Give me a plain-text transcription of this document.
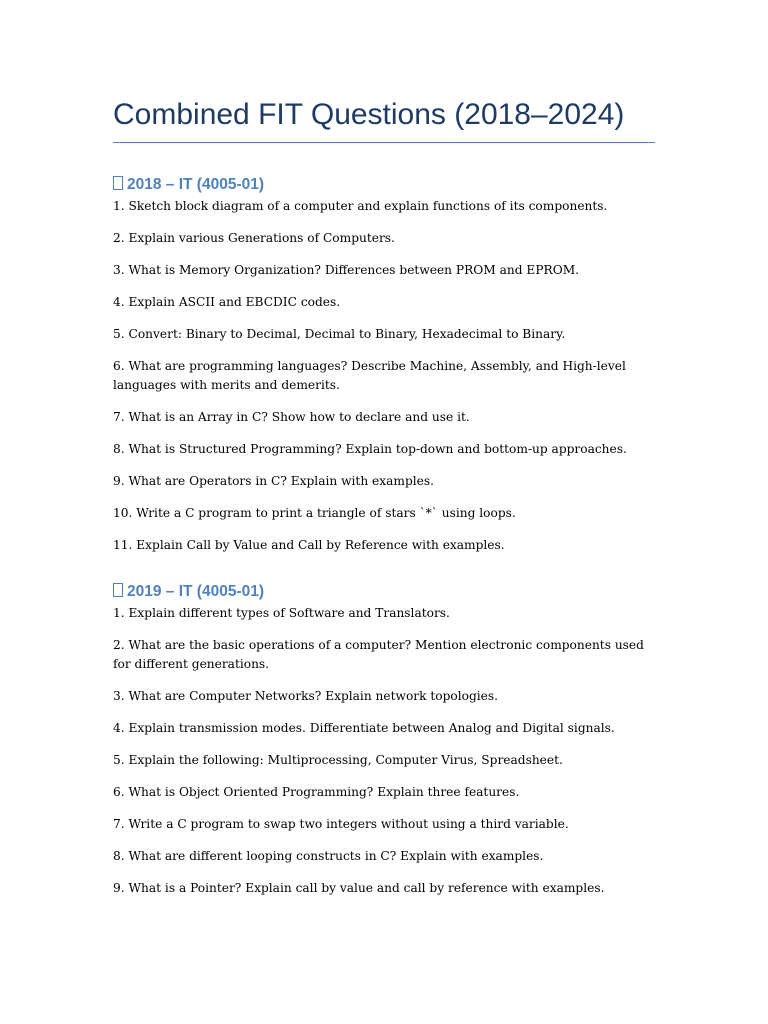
Combined FIT Questions (2018–2024)
2018 – IT (4005-01)
1. Sketch block diagram of a computer and explain functions of its components.
2. Explain various Generations of Computers.
3. What is Memory Organization? Differences between PROM and EPROM.
4. Explain ASCII and EBCDIC codes.
5. Convert: Binary to Decimal, Decimal to Binary, Hexadecimal to Binary.
6. What are programming languages? Describe Machine, Assembly, and High-level languages with merits and demerits.
7. What is an Array in C? Show how to declare and use it.
8. What is Structured Programming? Explain top-down and bottom-up approaches.
9. What are Operators in C? Explain with examples.
10. Write a C program to print a triangle of stars `*` using loops.
11. Explain Call by Value and Call by Reference with examples.
2019 – IT (4005-01)
1. Explain different types of Software and Translators.
2. What are the basic operations of a computer? Mention electronic components used for different generations.
3. What are Computer Networks? Explain network topologies.
4. Explain transmission modes. Differentiate between Analog and Digital signals.
5. Explain the following: Multiprocessing, Computer Virus, Spreadsheet.
6. What is Object Oriented Programming? Explain three features.
7. Write a C program to swap two integers without using a third variable.
8. What are different looping constructs in C? Explain with examples.
9. What is a Pointer? Explain call by value and call by reference with examples.
